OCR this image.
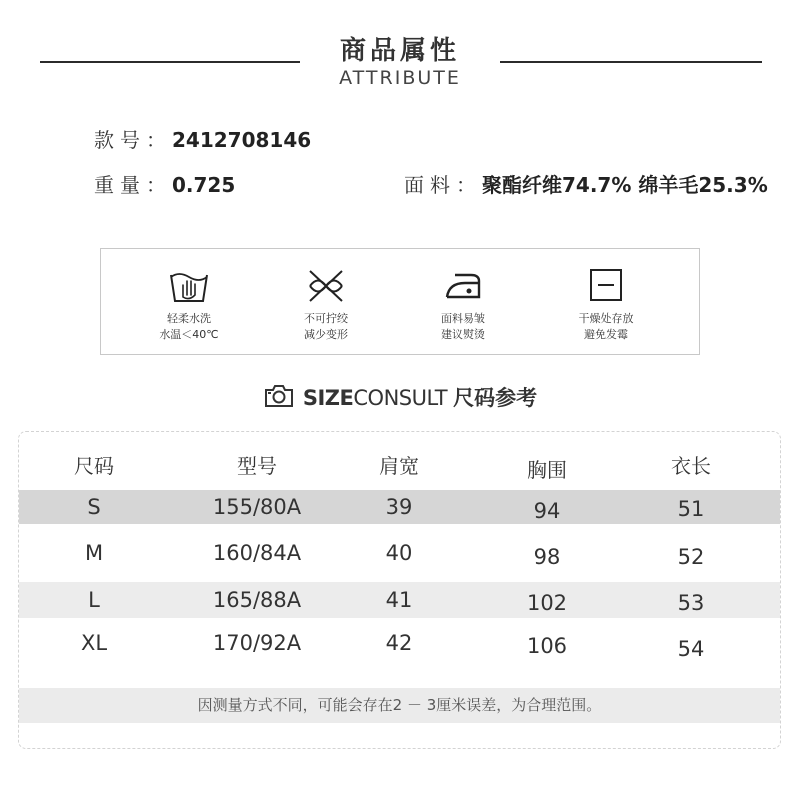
商品属性
ATTRIBUTE
款号：2412708146
重量：0.725	面料：聚酯纤维74.7% 绵羊毛25.3%
轻柔水洗
水温＜40℃
不可拧绞
减少变形
面料易皱
建议熨烫
干燥处存放
避免发霉
SIZECONSULT 尺码参考
尺码	型号	肩宽	胸围	衣长
S	155/80A	39	94	51
M	160/84A	40	98	52
L	165/88A	41	102	53
XL	170/92A	42	106	54
因测量方式不同，可能会存在2 － 3厘米误差，为合理范围。
